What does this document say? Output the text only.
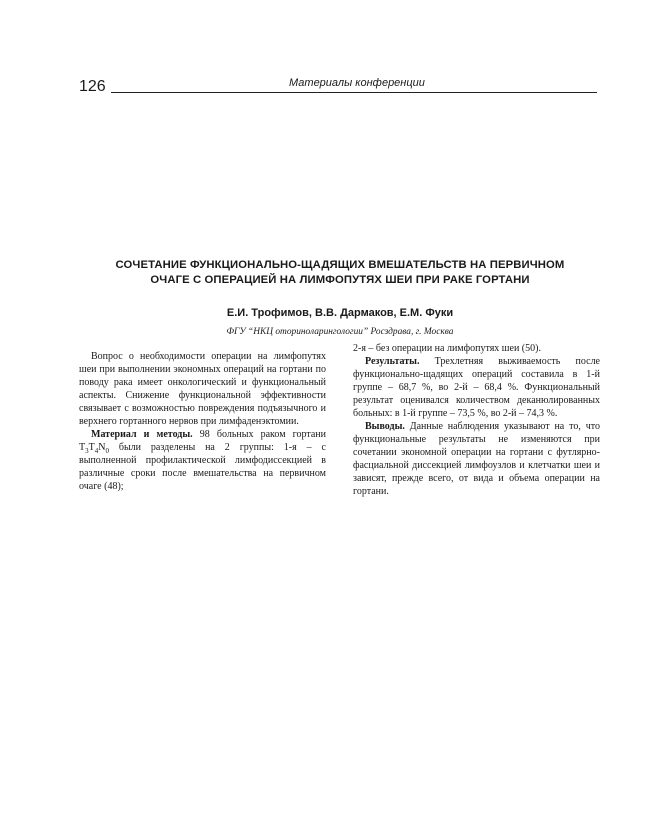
126	Материалы конференции
СОЧЕТАНИЕ ФУНКЦИОНАЛЬНО-ЩАДЯЩИХ ВМЕШАТЕЛЬСТВ НА ПЕРВИЧНОМ
ОЧАГЕ С ОПЕРАЦИЕЙ НА ЛИМФОПУТЯХ ШЕИ ПРИ РАКЕ ГОРТАНИ

Е.И. Трофимов, В.В. Дармаков, Е.М. Фуки

ФГУ “НКЦ оториноларингологии” Росздрава, г. Москва

Вопрос о необходимости операции на лимфопутях шеи при выполнении экономных операций на гортани по поводу рака имеет онкологический и функциональный аспекты. Снижение функциональной эффективности связывает с возможностью повреждения подъязычного и верхнего гортанного нервов при лимфаденэктомии.

Материал и методы. 98 больных раком гортани $T_3T_4N_0$ были разделены на 2 группы: 1-я – с выполненной профилактической лимфодиссекцией в различные сроки после вмешательства на первичном очаге (48);

2-я – без операции на лимфопутях шеи (50).

Результаты. Трехлетняя выживаемость после функционально-щадящих операций составила в 1-й группе – 68,7 %, во 2-й – 68,4 %. Функциональный результат оценивался количеством деканюлированных больных: в 1-й группе – 73,5 %, во 2-й – 74,3 %.

Выводы. Данные наблюдения указывают на то, что функциональные результаты не изменяются при сочетании экономной операции на гортани с футлярно-фасциальной диссекцией лимфоузлов и клетчатки шеи и зависят, прежде всего, от вида и объема операции на гортани.
